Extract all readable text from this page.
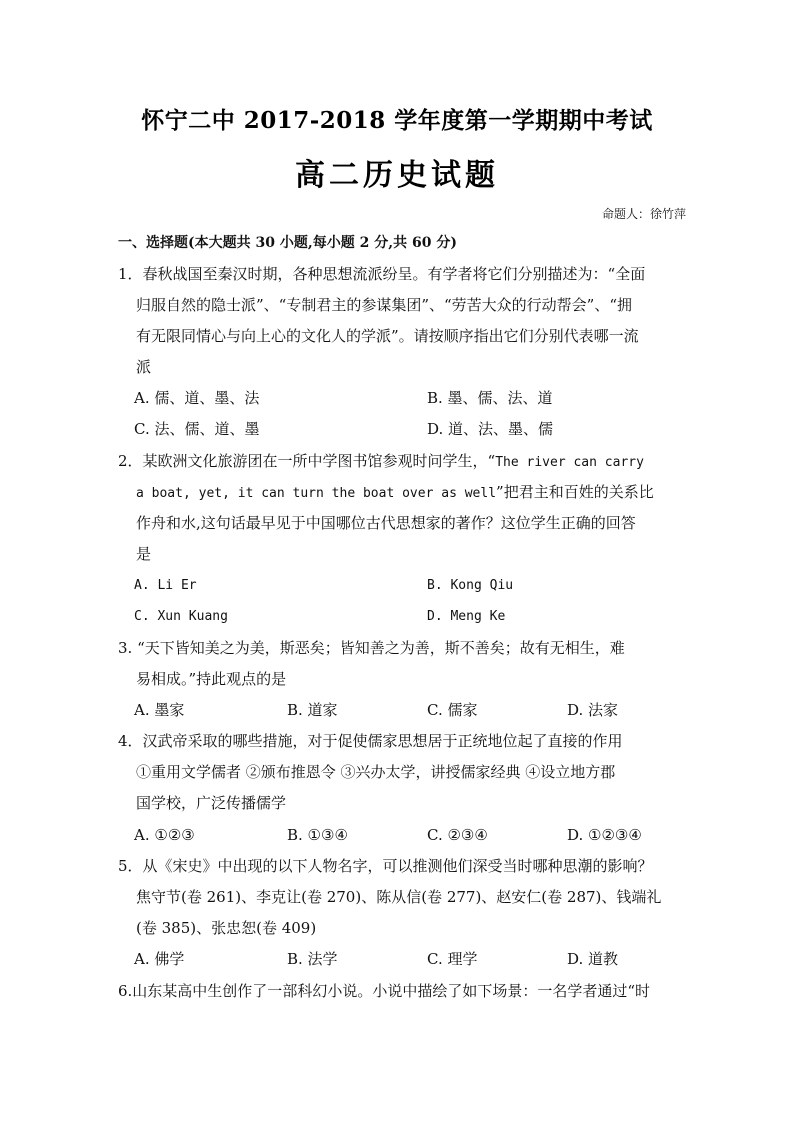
怀宁二中 2017-2018 学年度第一学期期中考试
高二历史试题
命题人：徐竹萍
一、选择题(本大题共 30 小题,每小题 2 分,共 60 分)
1．春秋战国至秦汉时期，各种思想流派纷呈。有学者将它们分别描述为：“全面
归服自然的隐士派”、“专制君主的参谋集团”、“劳苦大众的行动帮会”、“拥
有无限同情心与向上心的文化人的学派”。请按顺序指出它们分别代表哪一流
派
A. 儒、道、墨、法	B. 墨、儒、法、道
C. 法、儒、道、墨	D. 道、法、墨、儒
2．某欧洲文化旅游团在一所中学图书馆参观时问学生，“The river can carry
a boat, yet, it can turn the boat over as well”把君主和百姓的关系比
作舟和水,这句话最早见于中国哪位古代思想家的著作？这位学生正确的回答
是
A. Li Er	B. Kong Qiu
C. Xun Kuang	D. Meng Ke
3. “天下皆知美之为美，斯恶矣；皆知善之为善，斯不善矣；故有无相生，难
易相成。”持此观点的是
A. 墨家	B. 道家	C. 儒家	D. 法家
4．汉武帝采取的哪些措施，对于促使儒家思想居于正统地位起了直接的作用
①重用文学儒者 ②颁布推恩令 ③兴办太学，讲授儒家经典 ④设立地方郡
国学校，广泛传播儒学
A. ①②③	B. ①③④	C. ②③④	D. ①②③④
5．从《宋史》中出现的以下人物名字，可以推测他们深受当时哪种思潮的影响？
焦守节(卷 261)、李克让(卷 270)、陈从信(卷 277)、赵安仁(卷 287)、钱端礼
(卷 385)、张忠恕(卷 409)
A. 佛学	B. 法学	C. 理学	D. 道教
6.山东某高中生创作了一部科幻小说。小说中描绘了如下场景：一名学者通过“时
